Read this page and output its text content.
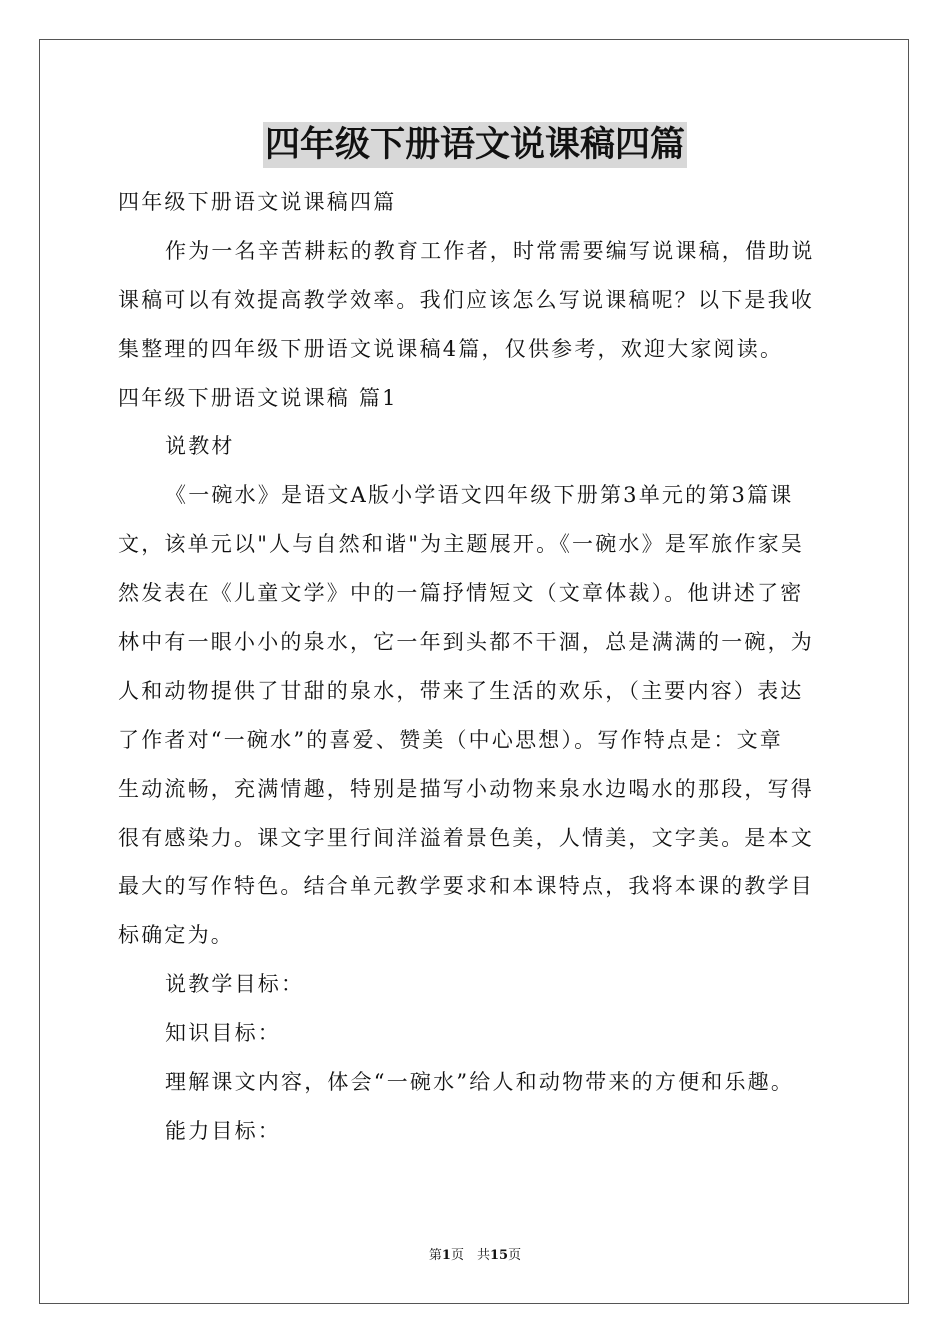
四年级下册语文说课稿四篇
四年级下册语文说课稿四篇
作为一名辛苦耕耘的教育工作者，时常需要编写说课稿，借助说
课稿可以有效提高教学效率。我们应该怎么写说课稿呢？以下是我收
集整理的四年级下册语文说课稿4篇，仅供参考，欢迎大家阅读。
四年级下册语文说课稿 篇1
说教材
《一碗水》是语文A版小学语文四年级下册第3单元的第3篇课
文，该单元以"人与自然和谐"为主题展开。《一碗水》是军旅作家吴
然发表在《儿童文学》中的一篇抒情短文（文章体裁）。他讲述了密
林中有一眼小小的泉水，它一年到头都不干涸，总是满满的一碗，为
人和动物提供了甘甜的泉水，带来了生活的欢乐，（主要内容）表达
了作者对“一碗水”的喜爱、赞美（中心思想）。写作特点是：文章
生动流畅，充满情趣，特别是描写小动物来泉水边喝水的那段，写得
很有感染力。课文字里行间洋溢着景色美，人情美，文字美。是本文
最大的写作特色。结合单元教学要求和本课特点，我将本课的教学目
标确定为。
说教学目标：
知识目标：
理解课文内容，体会“一碗水”给人和动物带来的方便和乐趣。
能力目标：
第1页　共15页
